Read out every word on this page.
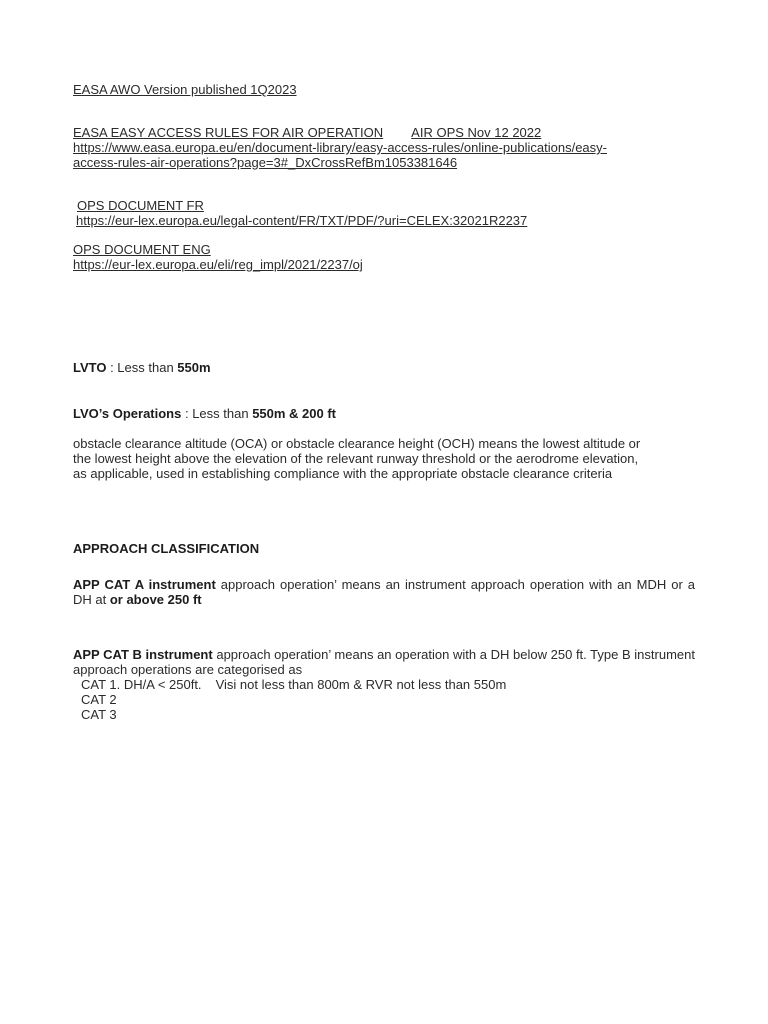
EASA AWO Version published 1Q2023
EASA EASY ACCESS RULES FOR AIR OPERATION AIR OPS Nov 12 2022
https://www.easa.europa.eu/en/document-library/easy-access-rules/online-publications/easy-
access-rules-air-operations?page=3#_DxCrossRefBm1053381646
OPS DOCUMENT FR
https://eur-lex.europa.eu/legal-content/FR/TXT/PDF/?uri=CELEX:32021R2237
OPS DOCUMENT ENG
https://eur-lex.europa.eu/eli/reg_impl/2021/2237/oj
LVTO : Less than 550m
LVO’s Operations : Less than 550m & 200 ft
obstacle clearance altitude (OCA) or obstacle clearance height (OCH) means the lowest altitude or
the lowest height above the elevation of the relevant runway threshold or the aerodrome elevation,
as applicable, used in establishing compliance with the appropriate obstacle clearance criteria
APPROACH CLASSIFICATION
APP CAT A instrument approach operation’ means an instrument approach operation with an MDH or a DH at or above 250 ft
APP CAT B instrument approach operation’ means an operation with a DH below 250 ft. Type B instrument approach operations are categorised as
CAT 1. DH/A < 250ft. Visi not less than 800m & RVR not less than 550m
CAT 2
CAT 3
